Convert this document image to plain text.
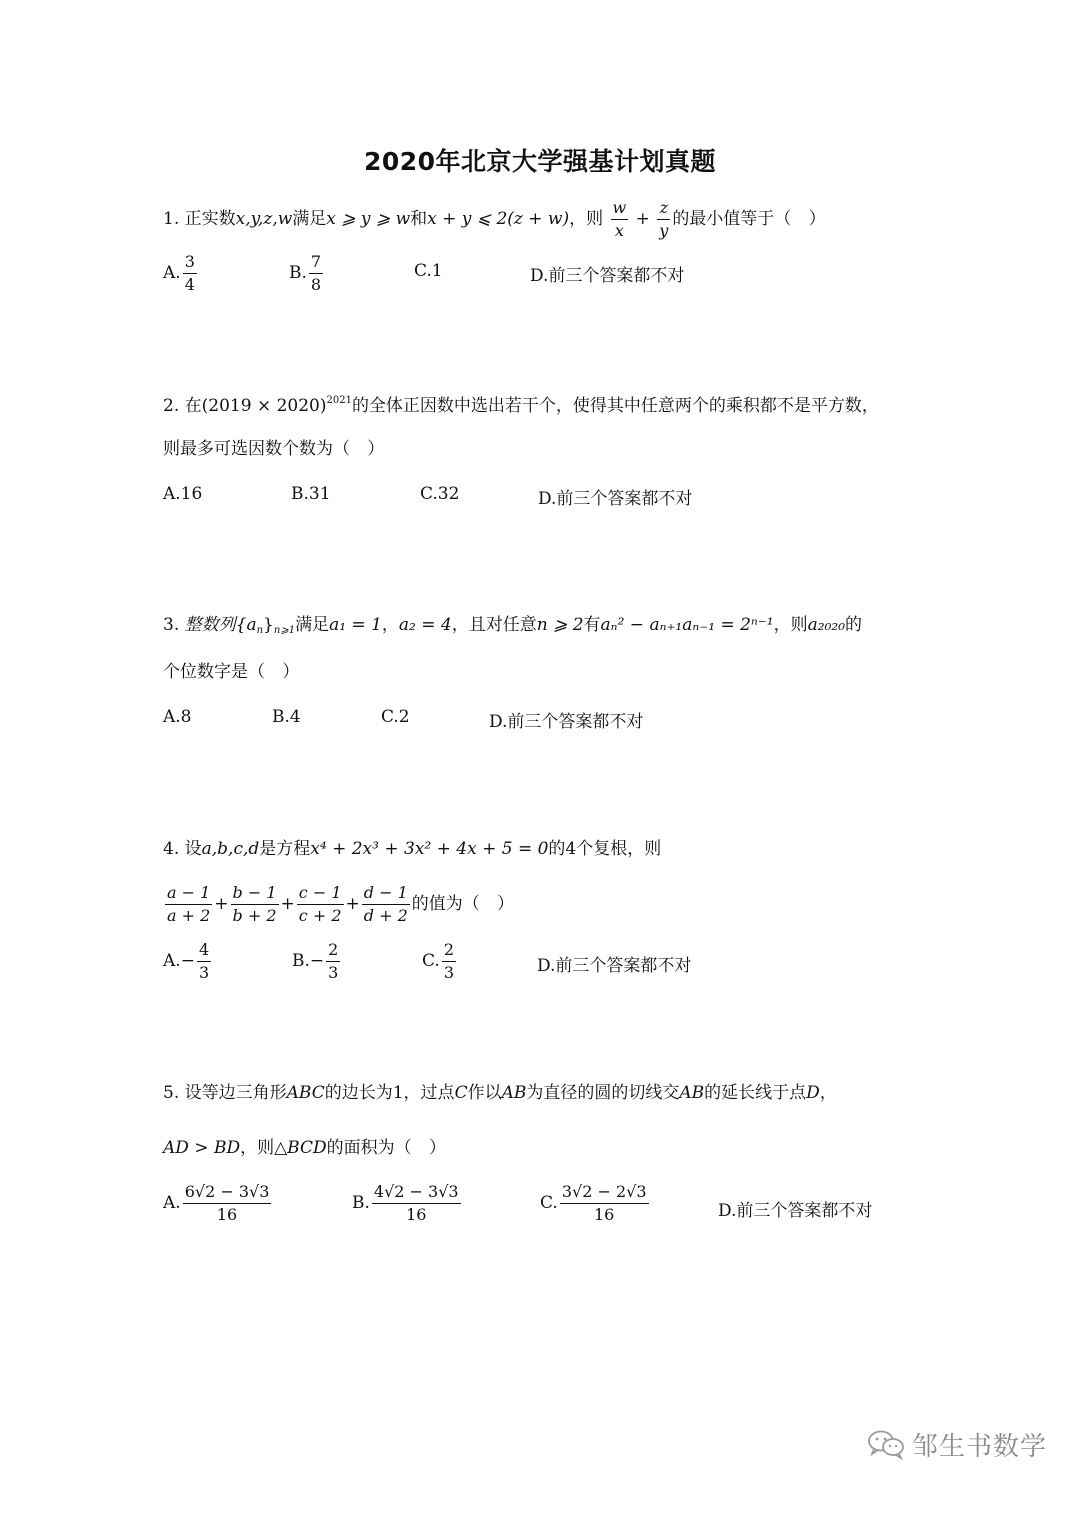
2020年北京大学强基计划真题
1. 正实数x,y,z,w满足x ⩾ y ⩾ w和x + y ⩽ 2(z + w)，则 $\frac{w}{x} + \frac{z}{y}$ 的最小值等于（ ）
A. $\frac{3}{4}$	B. $\frac{7}{8}$	C.1	D.前三个答案都不对
2. 在$(2019 \times 2020)^{2021}$的全体正因数中选出若干个，使得其中任意两个的乘积都不是平方数，
则最多可选因数个数为（ ）
A.16	B.31	C.32	D.前三个答案都不对
3. 整数列$\{a_n\}_{n⩾1}$满足a₁ = 1，a₂ = 4，且对任意n ⩾ 2有aₙ² − aₙ₊₁aₙ₋₁ = 2ⁿ⁻¹，则a₂₀₂₀的
个位数字是（ ）
A.8	B.4	C.2	D.前三个答案都不对
4. 设a,b,c,d是方程x⁴ + 2x³ + 3x² + 4x + 5 = 0的4个复根，则
$\frac{a - 1}{a + 2} + \frac{b - 1}{b + 2} + \frac{c - 1}{c + 2} + \frac{d - 1}{d + 2}$ 的值为（ ）
$A.- \frac{4}{3}$	$B.- \frac{2}{3}$	C. $\frac{2}{3}$	D.前三个答案都不对
5. 设等边三角形ABC的边长为1，过点C作以AB为直径的圆的切线交AB的延长线于点D，
AD > BD，则△BCD的面积为（ ）
A. $\frac{6√2 - 3√3}{16}$	B. $\frac{4√2 - 3√3}{16}$	C. $\frac{3√2 - 2√3}{16}$	D.前三个答案都不对
邹生书数学
